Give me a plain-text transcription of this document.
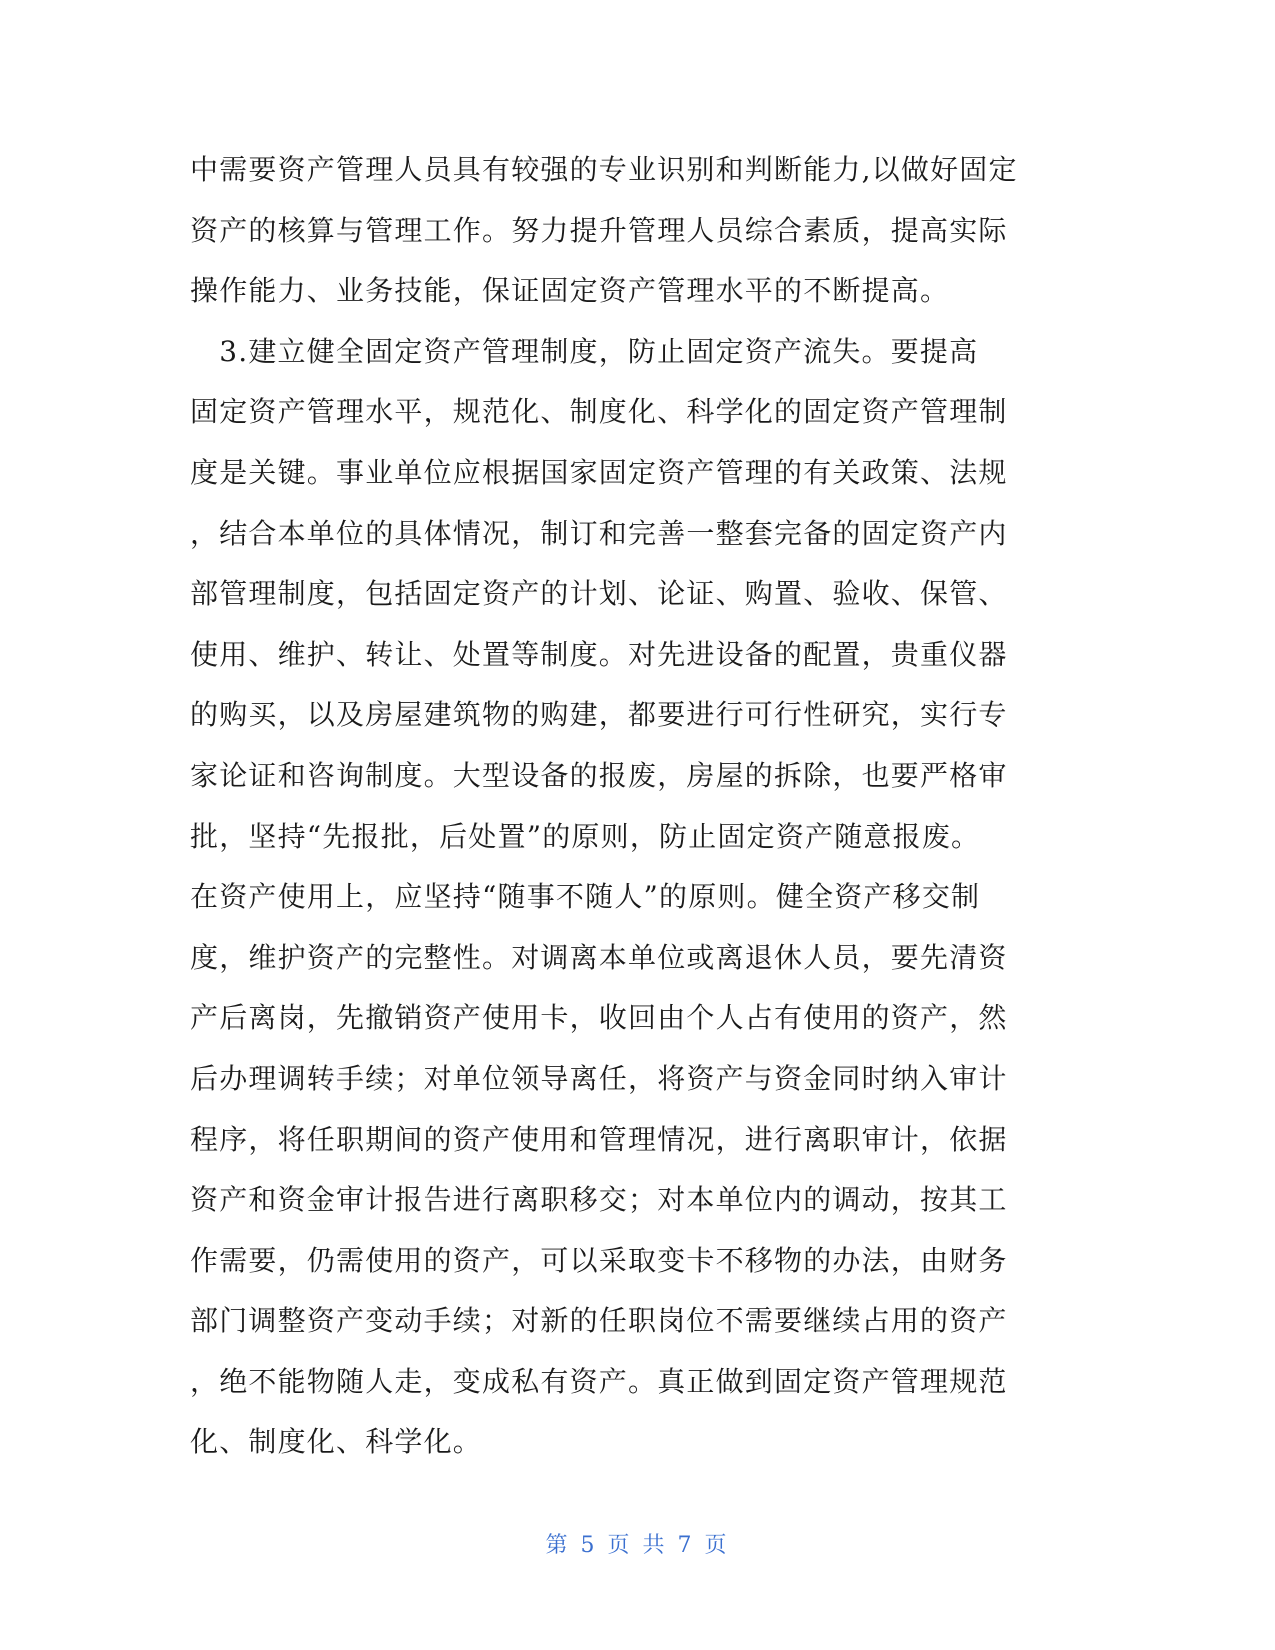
中需要资产管理人员具有较强的专业识别和判断能力,以做好固定
资产的核算与管理工作。努力提升管理人员综合素质，提高实际
操作能力、业务技能，保证固定资产管理水平的不断提高。
　3.建立健全固定资产管理制度，防止固定资产流失。要提高
固定资产管理水平，规范化、制度化、科学化的固定资产管理制
度是关键。事业单位应根据国家固定资产管理的有关政策、法规
，结合本单位的具体情况，制订和完善一整套完备的固定资产内
部管理制度，包括固定资产的计划、论证、购置、验收、保管、
使用、维护、转让、处置等制度。对先进设备的配置，贵重仪器
的购买，以及房屋建筑物的购建，都要进行可行性研究，实行专
家论证和咨询制度。大型设备的报废，房屋的拆除，也要严格审
批，坚持“先报批，后处置”的原则，防止固定资产随意报废。
在资产使用上，应坚持“随事不随人”的原则。健全资产移交制
度，维护资产的完整性。对调离本单位或离退休人员，要先清资
产后离岗，先撤销资产使用卡，收回由个人占有使用的资产，然
后办理调转手续；对单位领导离任，将资产与资金同时纳入审计
程序，将任职期间的资产使用和管理情况，进行离职审计，依据
资产和资金审计报告进行离职移交；对本单位内的调动，按其工
作需要，仍需使用的资产，可以采取变卡不移物的办法，由财务
部门调整资产变动手续；对新的任职岗位不需要继续占用的资产
，绝不能物随人走，变成私有资产。真正做到固定资产管理规范
化、制度化、科学化。
第 5 页 共 7 页
